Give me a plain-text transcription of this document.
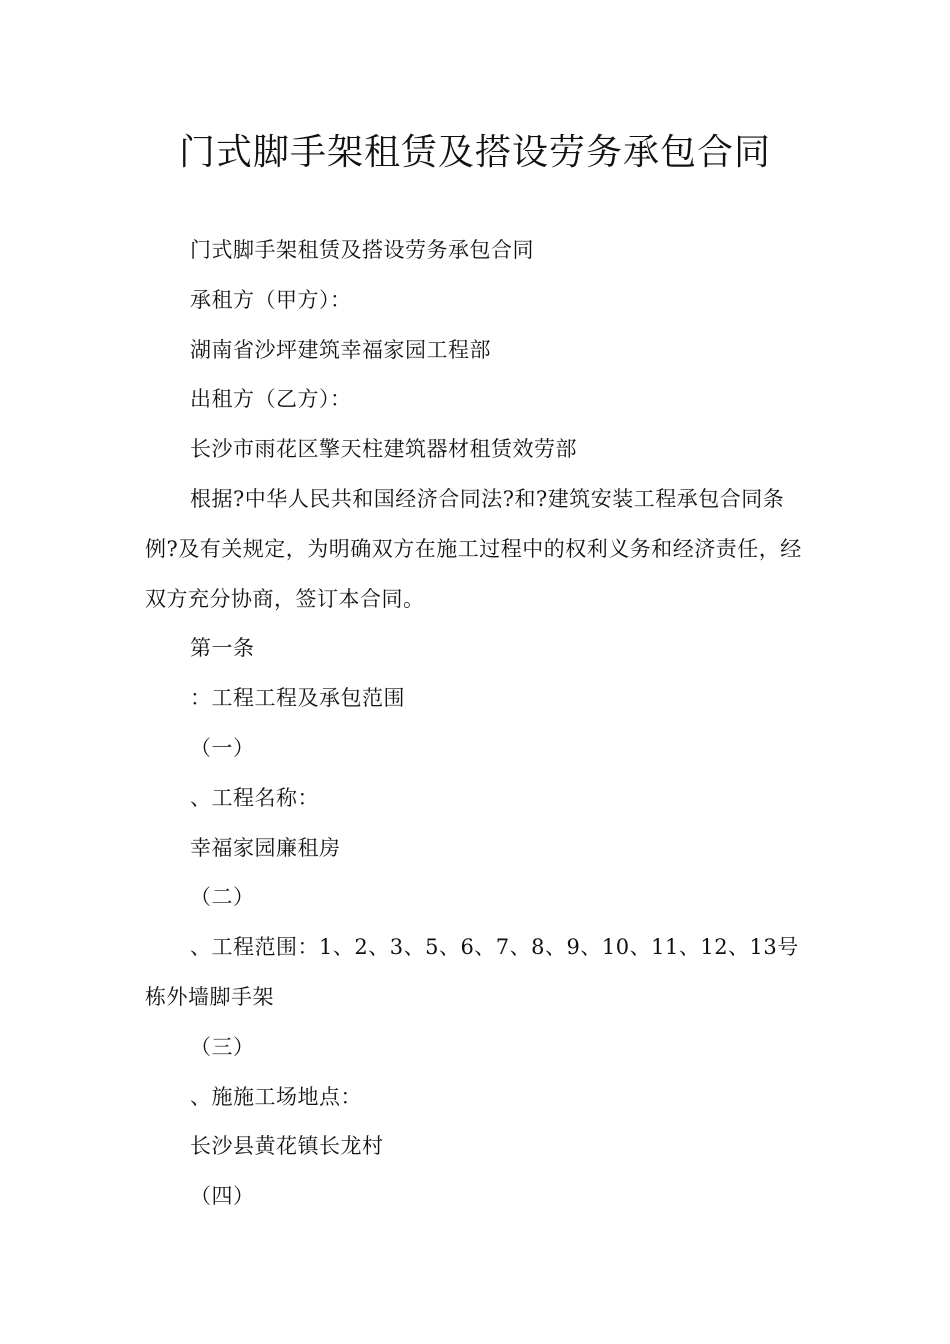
门式脚手架租赁及搭设劳务承包合同

门式脚手架租赁及搭设劳务承包合同

承租方（甲方）：

湖南省沙坪建筑幸福家园工程部

出租方（乙方）：

长沙市雨花区擎天柱建筑器材租赁效劳部

根据?中华人民共和国经济合同法?和?建筑安装工程承包合同条例?及有关规定，为明确双方在施工过程中的权利义务和经济责任，经双方充分协商，签订本合同。

第一条

：工程工程及承包范围

（一）

、工程名称：

幸福家园廉租房

（二）

、工程范围：1、2、3、5、6、7、8、9、10、11、12、13号栋外墙脚手架

（三）

、施施工场地点：

长沙县黄花镇长龙村

（四）
